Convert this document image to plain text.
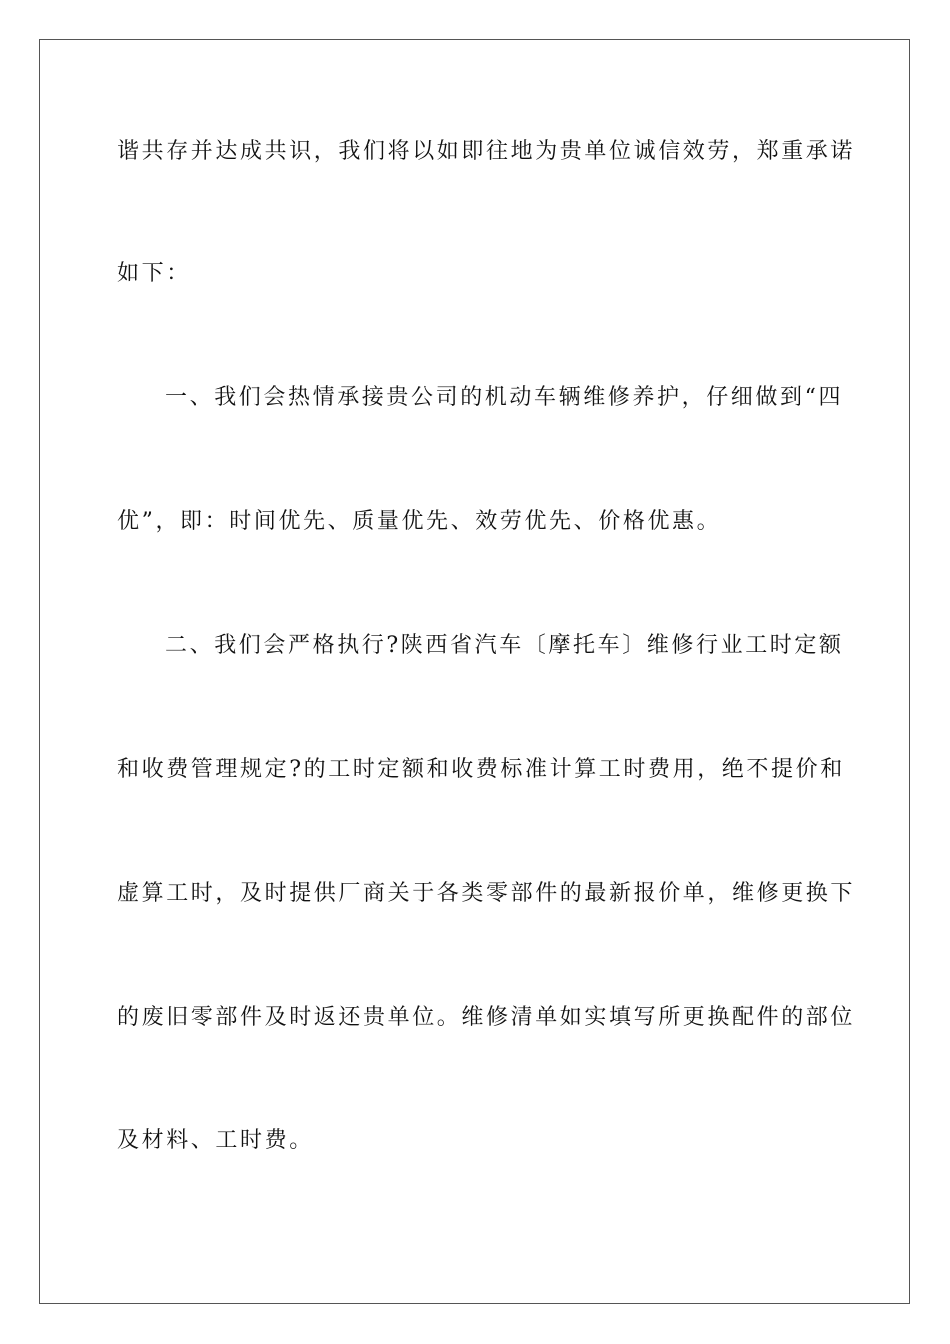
谐共存并达成共识，我们将以如即往地为贵单位诚信效劳，郑重承诺
如下：
一、我们会热情承接贵公司的机动车辆维修养护，仔细做到“四
优”，即：时间优先、质量优先、效劳优先、价格优惠。
二、我们会严格执行?陕西省汽车〔摩托车〕维修行业工时定额
和收费管理规定?的工时定额和收费标准计算工时费用，绝不提价和
虚算工时，及时提供厂商关于各类零部件的最新报价单，维修更换下
的废旧零部件及时返还贵单位。维修清单如实填写所更换配件的部位
及材料、工时费。
